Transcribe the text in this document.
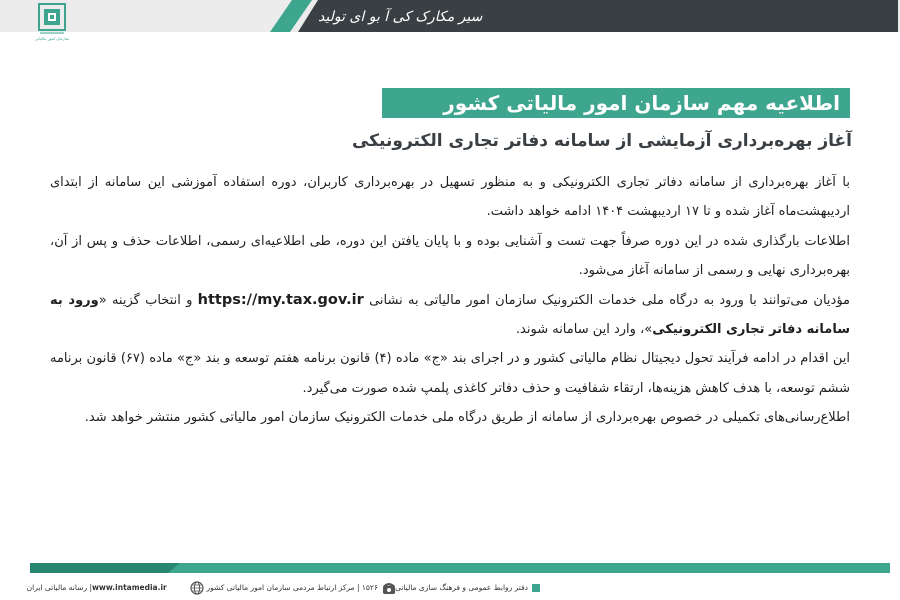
سیر مکارک کی آ بو ای تولید
سازمان امور مالیاتی
اطلاعیه مهم سازمان امور مالیاتی کشور
آغاز بهره‌برداری آزمایشی از سامانه دفاتر تجاری الکترونیکی

با آغاز بهره‌برداری از سامانه دفاتر تجاری الکترونیکی و به منظور تسهیل در بهره‌برداری کاربران، دوره استفاده آموزشی این سامانه از ابتدای اردیبهشت‌ماه آغاز شده و تا ۱۷ اردیبهشت ۱۴۰۴ ادامه خواهد داشت.

اطلاعات بارگذاری شده در این دوره صرفاً جهت تست و آشنایی بوده و با پایان یافتن این دوره، طی اطلاعیه‌ای رسمی، اطلاعات حذف و پس از آن، بهره‌برداری نهایی و رسمی از سامانه آغاز می‌شود.

مؤدیان می‌توانند با ورود به درگاه ملی خدمات الکترونیک سازمان امور مالیاتی به نشانی https://my.tax.gov.ir و انتخاب گزینه «ورود به سامانه دفاتر تجاری الکترونیکی»، وارد این سامانه شوند.

این اقدام در ادامه فرآیند تحول دیجیتال نظام مالیاتی کشور و در اجرای بند «ج» ماده (۴) قانون برنامه هفتم توسعه و بند «ج» ماده (۶۷) قانون برنامه ششم توسعه، با هدف کاهش هزینه‌ها، ارتقاء شفافیت و حذف دفاتر کاغذی پلمپ شده صورت می‌گیرد.

اطلاع‌رسانی‌های تکمیلی در خصوص بهره‌برداری از سامانه از طریق درگاه ملی خدمات الکترونیک سازمان امور مالیاتی کشور منتشر خواهد شد.

دفتر روابط عمومی و فرهنگ سازی مالیاتی
۱۵۲۶ | مرکز ارتباط مردمی سازمان امور مالیاتی کشور
www.intamedia.ir
| رسانه مالیاتی ایران
